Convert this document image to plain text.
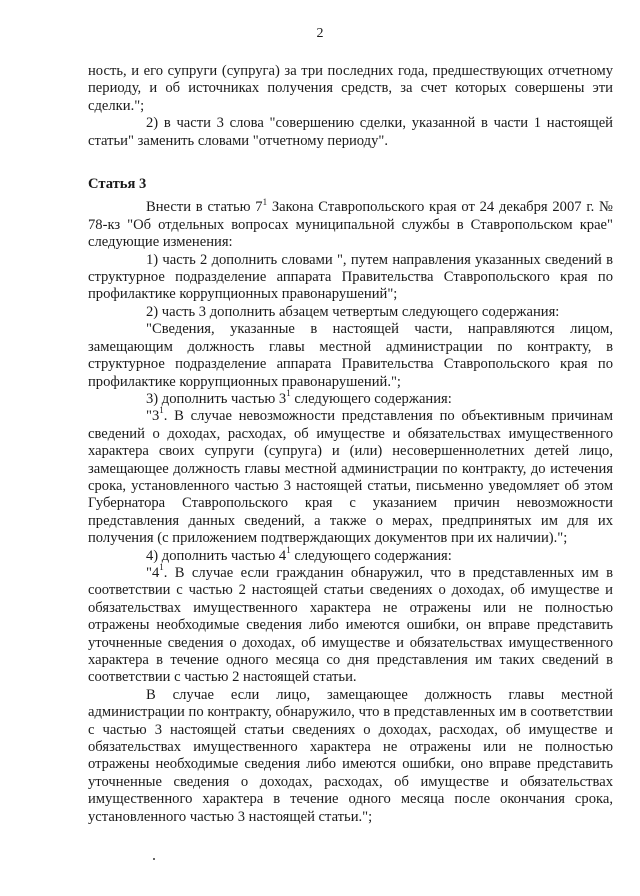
2

ность, и его супруги (супруга) за три последних года, предшествующих отчетному периоду, и об источниках получения средств, за счет которых совершены эти сделки.";

2) в части 3 слова "совершению сделки, указанной в части 1 настоящей статьи" заменить словами "отчетному периоду".

Статья 3

Внести в статью $7^1$ Закона Ставропольского края от 24 декабря 2007 г. № 78-кз "Об отдельных вопросах муниципальной службы в Ставропольском крае" следующие изменения:

1) часть 2 дополнить словами ", путем направления указанных сведений в структурное подразделение аппарата Правительства Ставропольского края по профилактике коррупционных правонарушений";

2) часть 3 дополнить абзацем четвертым следующего содержания:

"Сведения, указанные в настоящей части, направляются лицом, замещающим должность главы местной администрации по контракту, в структурное подразделение аппарата Правительства Ставропольского края по профилактике коррупционных правонарушений.";

3) дополнить частью $3^1$ следующего содержания:

"$3^1$. В случае невозможности представления по объективным причинам сведений о доходах, расходах, об имуществе и обязательствах имущественного характера своих супруги (супруга) и (или) несовершеннолетних детей лицо, замещающее должность главы местной администрации по контракту, до истечения срока, установленного частью 3 настоящей статьи, письменно уведомляет об этом Губернатора Ставропольского края с указанием причин невозможности представления данных сведений, а также о мерах, предпринятых им для их получения (с приложением подтверждающих документов при их наличии).";

4) дополнить частью $4^1$ следующего содержания:

"$4^1$. В случае если гражданин обнаружил, что в представленных им в соответствии с частью 2 настоящей статьи сведениях о доходах, об имуществе и обязательствах имущественного характера не отражены или не полностью отражены необходимые сведения либо имеются ошибки, он вправе представить уточненные сведения о доходах, об имуществе и обязательствах имущественного характера в течение одного месяца со дня представления им таких сведений в соответствии с частью 2 настоящей статьи.

В случае если лицо, замещающее должность главы местной администрации по контракту, обнаружило, что в представленных им в соответствии с частью 3 настоящей статьи сведениях о доходах, расходах, об имуществе и обязательствах имущественного характера не отражены или не полностью отражены необходимые сведения либо имеются ошибки, оно вправе представить уточненные сведения о доходах, расходах, об имуществе и обязательствах имущественного характера в течение одного месяца после окончания срока, установленного частью 3 настоящей статьи.";
